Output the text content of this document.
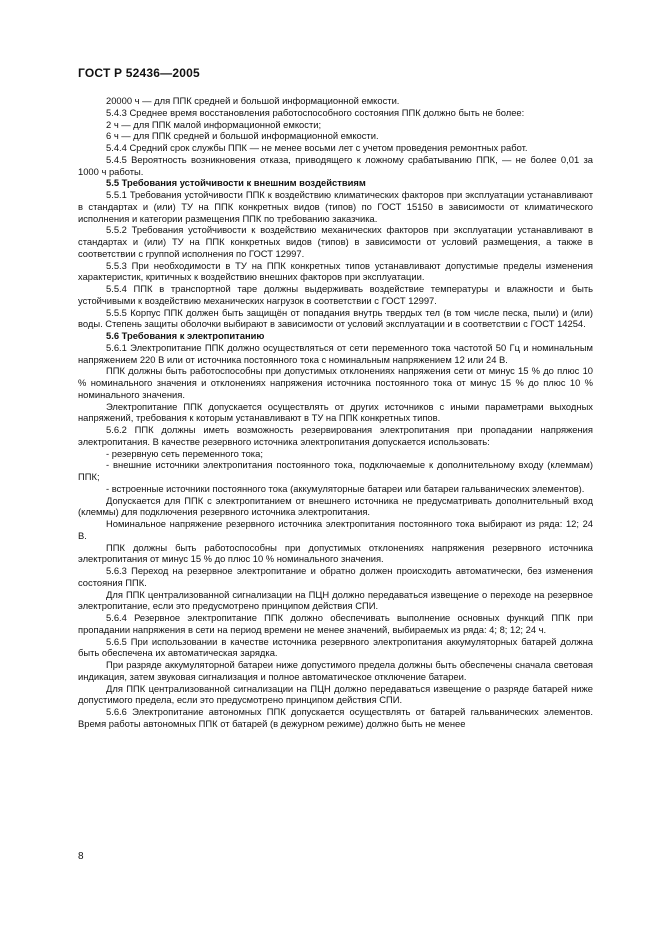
ГОСТ Р 52436—2005

20000 ч — для ППК средней и большой информационной емкости.

5.4.3 Среднее время восстановления работоспособного состояния ППК должно быть не более:

2 ч — для ППК малой информационной емкости;

6 ч — для ППК средней и большой информационной емкости.

5.4.4 Средний срок службы ППК — не менее восьми лет с учетом проведения ремонтных работ.

5.4.5 Вероятность возникновения отказа, приводящего к ложному срабатыванию ППК, — не более 0,01 за 1000 ч работы.

5.5 Требования устойчивости к внешним воздействиям

5.5.1 Требования устойчивости ППК к воздействию климатических факторов при эксплуатации устанавливают в стандартах и (или) ТУ на ППК конкретных видов (типов) по ГОСТ 15150 в зависимости от климатического исполнения и категории размещения ППК по требованию заказчика.

5.5.2 Требования устойчивости к воздействию механических факторов при эксплуатации устанавливают в стандартах и (или) ТУ на ППК конкретных видов (типов) в зависимости от условий размещения, а также в соответствии с группой исполнения по ГОСТ 12997.

5.5.3 При необходимости в ТУ на ППК конкретных типов устанавливают допустимые пределы изменения характеристик, критичных к воздействию внешних факторов при эксплуатации.

5.5.4 ППК в транспортной таре должны выдерживать воздействие температуры и влажности и быть устойчивыми к воздействию механических нагрузок в соответствии с ГОСТ 12997.

5.5.5 Корпус ППК должен быть защищён от попадания внутрь твердых тел (в том числе песка, пыли) и (или) воды. Степень защиты оболочки выбирают в зависимости от условий эксплуатации и в соответствии с ГОСТ 14254.

5.6 Требования к электропитанию

5.6.1 Электропитание ППК должно осуществляться от сети переменного тока частотой 50 Гц и номинальным напряжением 220 В или от источника постоянного тока с номинальным напряжением 12 или 24 В.

ППК должны быть работоспособны при допустимых отклонениях напряжения сети от минус 15 % до плюс 10 % номинального значения и отклонениях напряжения источника постоянного тока от минус 15 % до плюс 10 % номинального значения.

Электропитание ППК допускается осуществлять от других источников с иными параметрами выходных напряжений, требования к которым устанавливают в ТУ на ППК конкретных типов.

5.6.2 ППК должны иметь возможность резервирования электропитания при пропадании напряжения электропитания. В качестве резервного источника электропитания допускается использовать:

- резервную сеть переменного тока;

- внешние источники электропитания постоянного тока, подключаемые к дополнительному входу (клеммам) ППК;

- встроенные источники постоянного тока (аккумуляторные батареи или батареи гальванических элементов).

Допускается для ППК с электропитанием от внешнего источника не предусматривать дополнительный вход (клеммы) для подключения резервного источника электропитания.

Номинальное напряжение резервного источника электропитания постоянного тока выбирают из ряда: 12; 24 В.

ППК должны быть работоспособны при допустимых отклонениях напряжения резервного источника электропитания от минус 15 % до плюс 10 % номинального значения.

5.6.3 Переход на резервное электропитание и обратно должен происходить автоматически, без изменения состояния ППК.

Для ППК централизованной сигнализации на ПЦН должно передаваться извещение о переходе на резервное электропитание, если это предусмотрено принципом действия СПИ.

5.6.4 Резервное электропитание ППК должно обеспечивать выполнение основных функций ППК при пропадании напряжения в сети на период времени не менее значений, выбираемых из ряда: 4; 8; 12; 24 ч.

5.6.5 При использовании в качестве источника резервного электропитания аккумуляторных батарей должна быть обеспечена их автоматическая зарядка.

При разряде аккумуляторной батареи ниже допустимого предела должны быть обеспечены сначала световая индикация, затем звуковая сигнализация и полное автоматическое отключение батареи.

Для ППК централизованной сигнализации на ПЦН должно передаваться извещение о разряде батарей ниже допустимого предела, если это предусмотрено принципом действия СПИ.

5.6.6 Электропитание автономных ППК допускается осуществлять от батарей гальванических элементов. Время работы автономных ППК от батарей (в дежурном режиме) должно быть не менее

8
